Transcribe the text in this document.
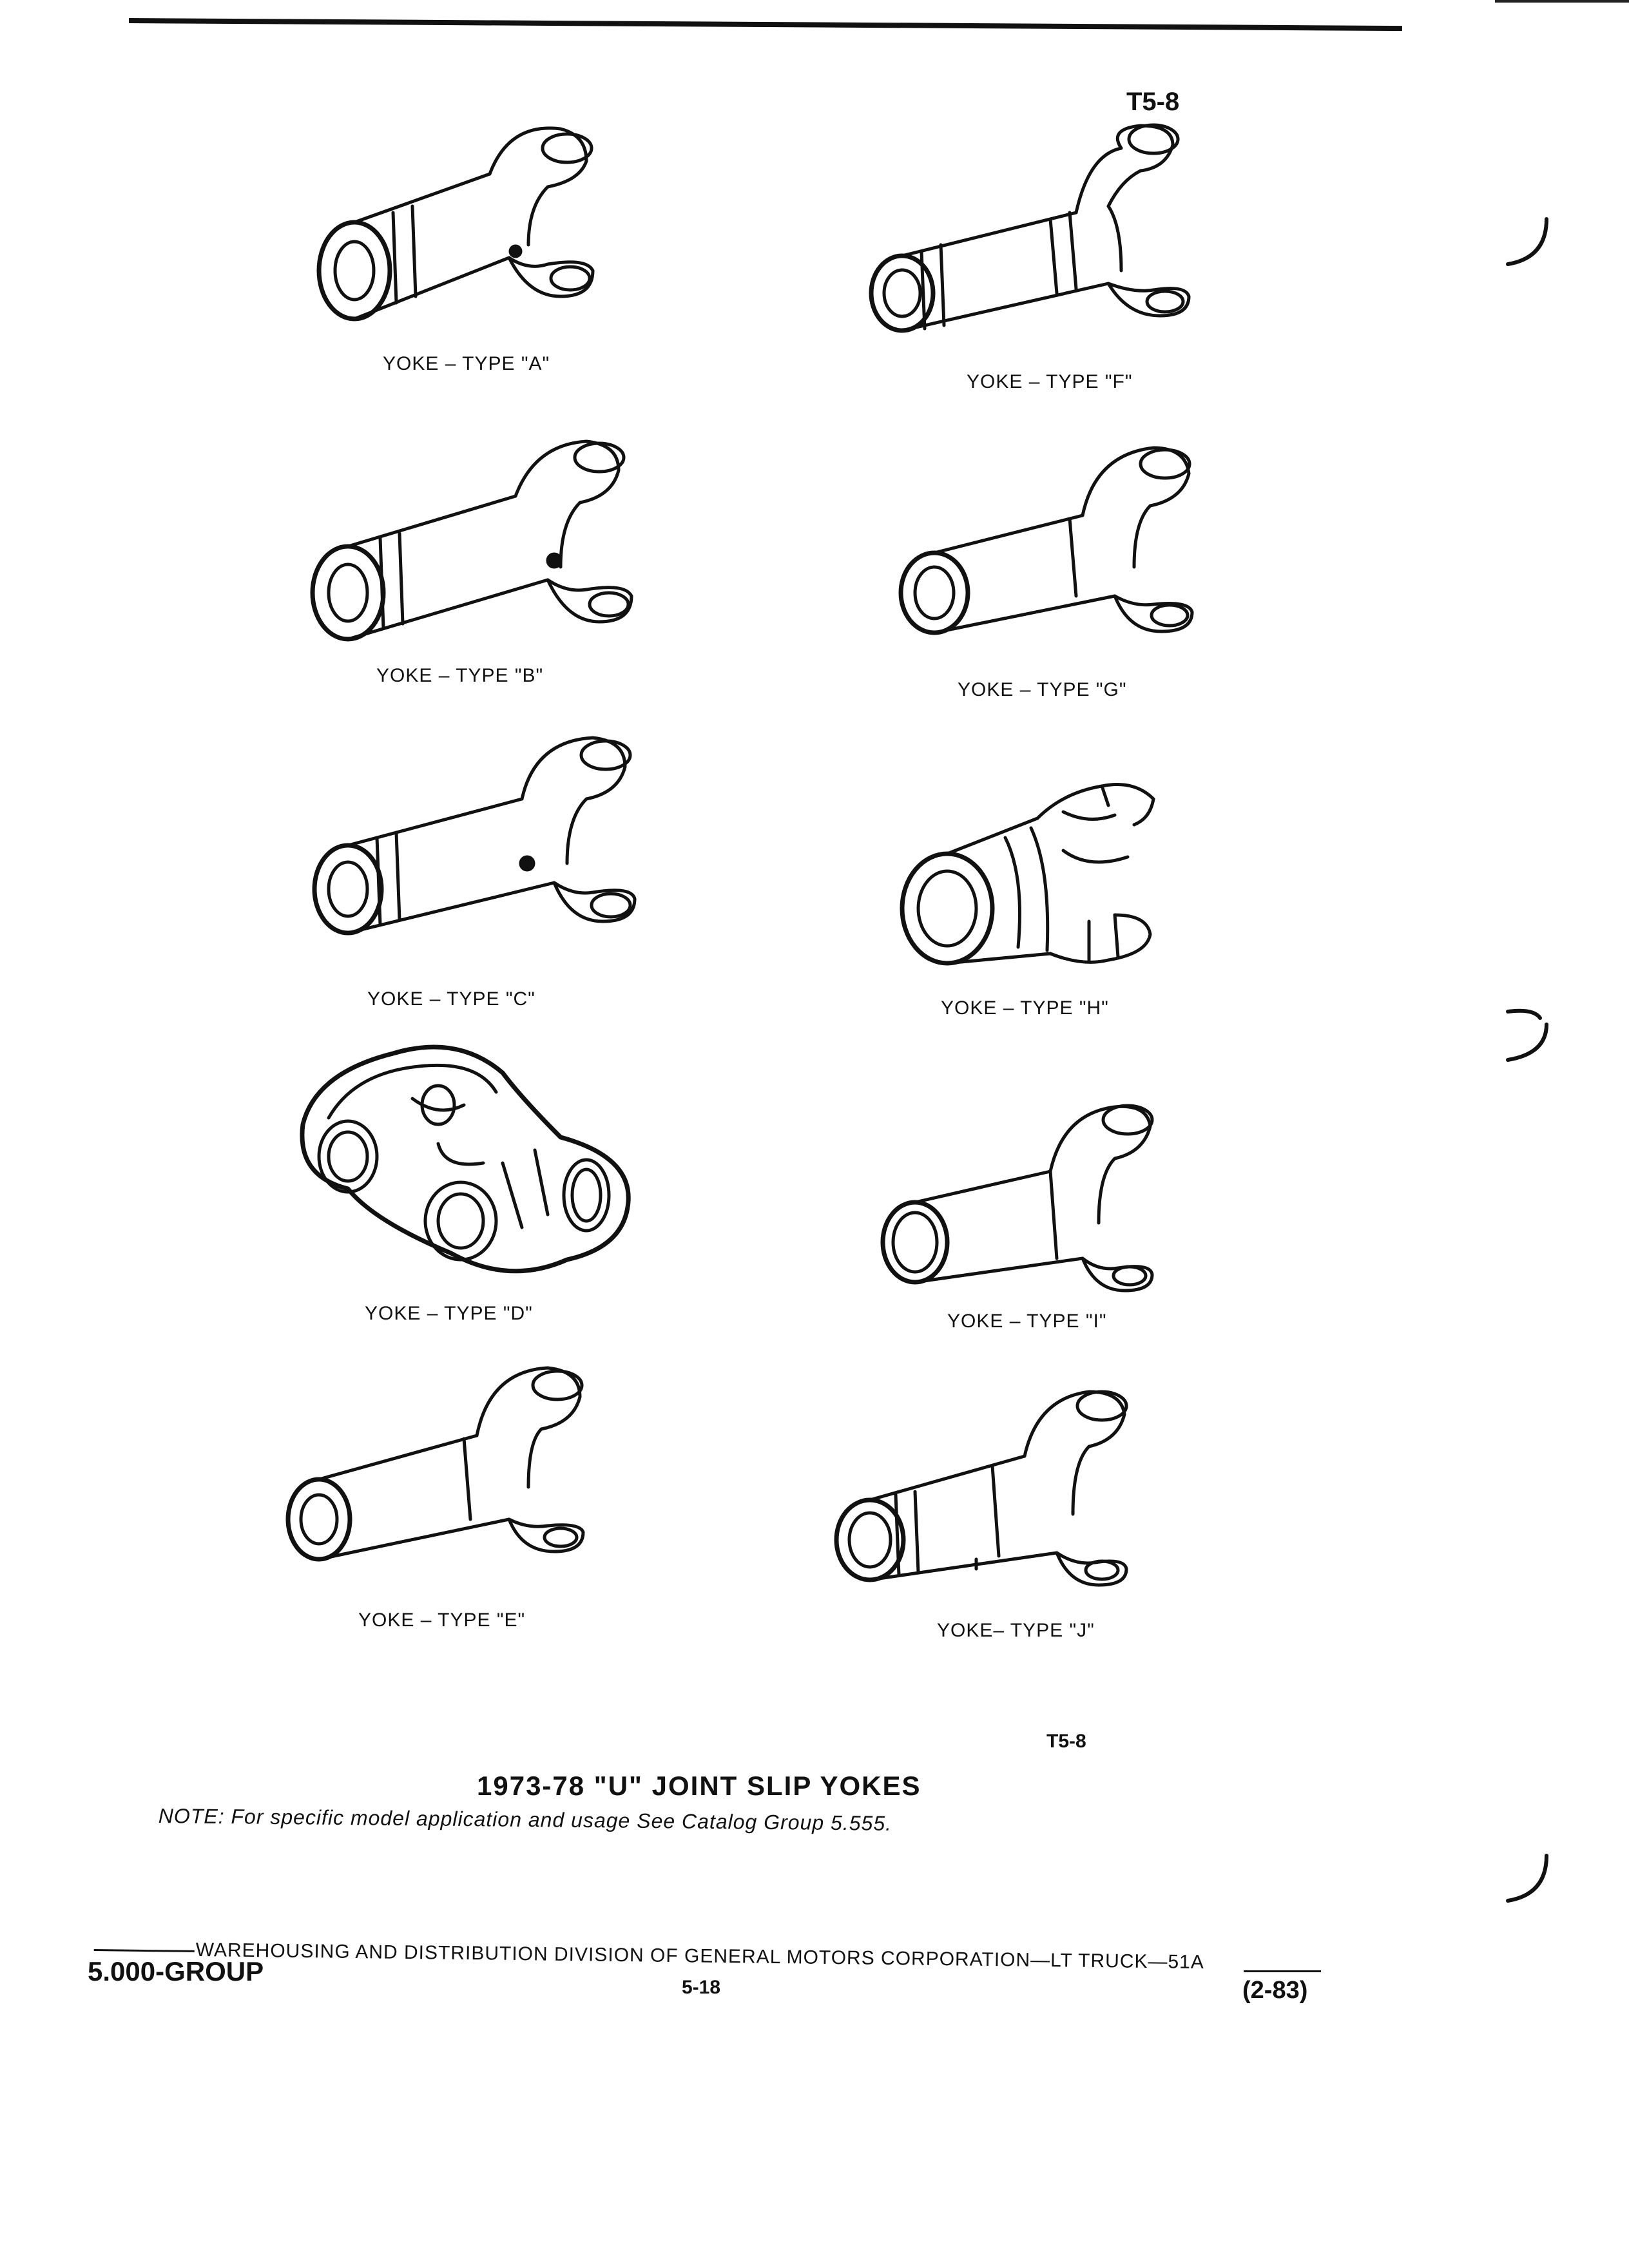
T5-8
YOKE – TYPE "A"
YOKE – TYPE "B"
YOKE – TYPE "C"
YOKE – TYPE "D"
YOKE – TYPE "E"
YOKE – TYPE "F"
YOKE – TYPE "G"
YOKE – TYPE "H"
YOKE – TYPE "I"
YOKE– TYPE "J"
T5-8
1973-78 "U" JOINT SLIP YOKES
NOTE: For specific model application and usage See Catalog Group 5.555.
WAREHOUSING AND DISTRIBUTION DIVISION OF GENERAL MOTORS CORPORATION—LT TRUCK—51A
5.000-GROUP
5-18	(2-83)
